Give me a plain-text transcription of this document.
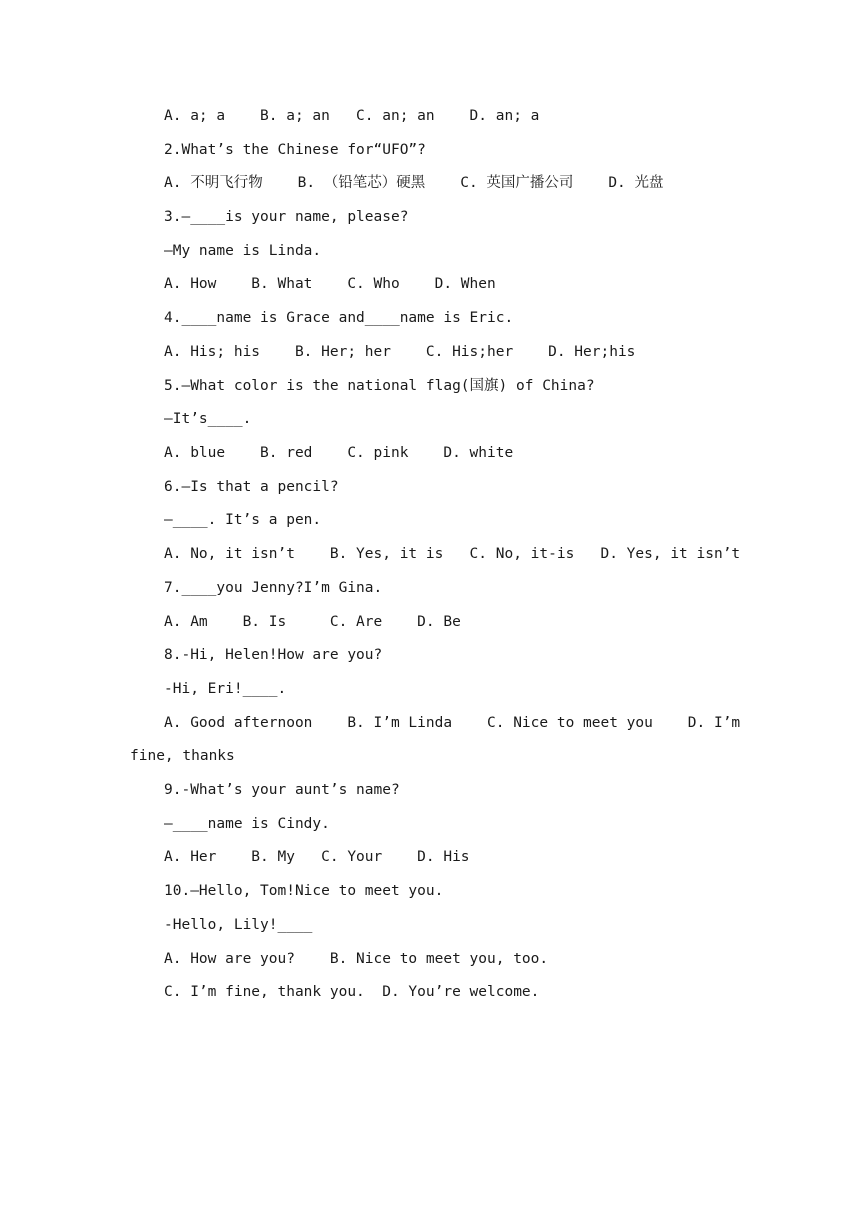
A. a; a    B. a; an   C. an; an    D. an; a
2.What’s the Chinese for“UFO”?
A. 不明飞行物    B. （铅笔芯）硬黑    C. 英国广播公司    D. 光盘
3.—____is your name, please?
—My name is Linda.
A. How    B. What    C. Who    D. When
4.____name is Grace and____name is Eric.
A. His; his    B. Her; her    C. His;her    D. Her;his
5.—What color is the national flag(国旗) of China?
—It’s____.
A. blue    B. red    C. pink    D. white
6.—Is that a pencil?
—____. It’s a pen.
A. No, it isn’t    B. Yes, it is   C. No, it-is   D. Yes, it isn’t
7.____you Jenny?I’m Gina.
A. Am    B. Is     C. Are    D. Be
8.-Hi, Helen!How are you?
-Hi, Eri!____.
A. Good afternoon    B. I’m Linda    C. Nice to meet you    D. I’m
fine, thanks
9.-What’s your aunt’s name?
—____name is Cindy.
A. Her    B. My   C. Your    D. His
10.—Hello, Tom!Nice to meet you.
-Hello, Lily!____
A. How are you?    B. Nice to meet you, too.
C. I’m fine, thank you.  D. You’re welcome.
